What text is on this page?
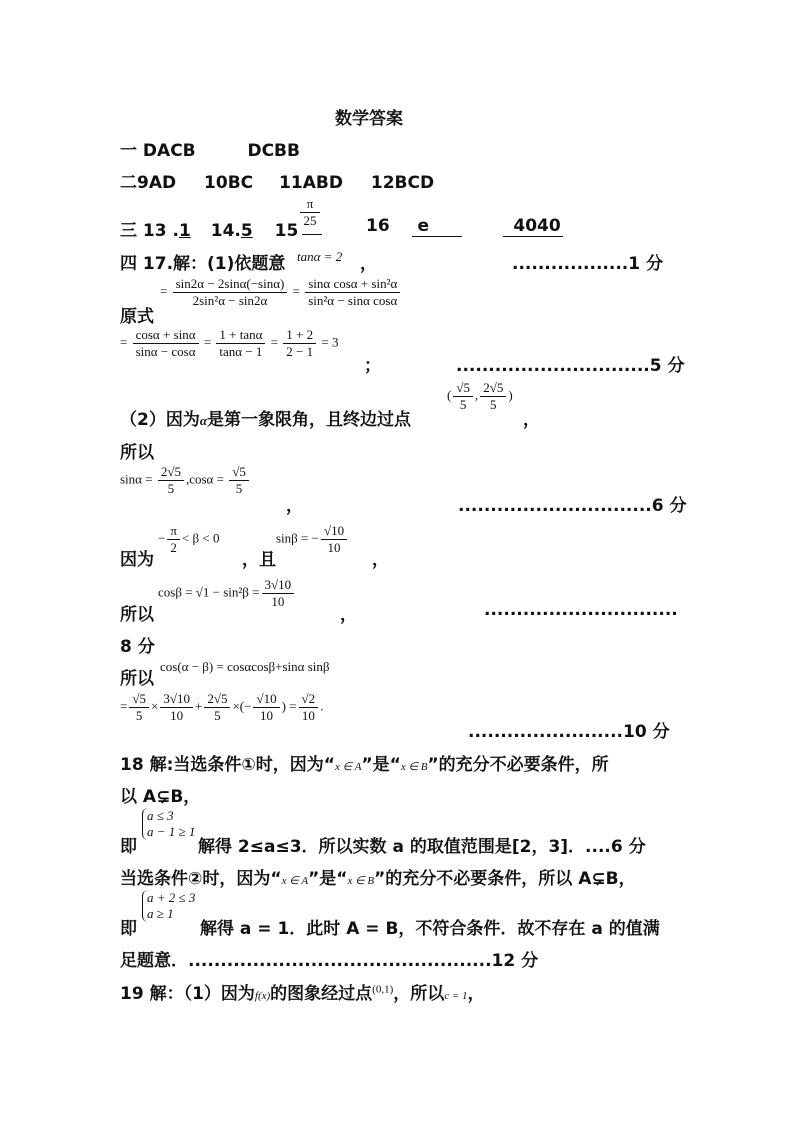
数学答案
一 DACB	DCBB
二9AD 10BC 11ABD 12BCD
三 13 .1 14.5 15
$\frac{\pi}{25}$	16 e	4040
四 17.解：(1)依题意 tanα = 2 ，	..................1 分
原式
= $\frac{\sin 2\alpha - 2\sin\alpha(-\sin\alpha)}{\text{2sin²α − sin2α}} = \frac{\text{sinα cosα + sin²α}}{\text{sin²α − sinα cosα}}$
= $\frac{\cos\alpha + \sin\alpha}{\sin\alpha - \cos\alpha} = \frac{1 + \tan\alpha}{\tan\alpha - 1} = \frac{1 + 2}{2 - 1} = 3$
；	..............................5 分
（2）因为α是第一象限角，且终边过点
( $\frac{√5}{5}$ , $\frac{2√5}{5}$ )
，
所以
$\sin\alpha = \frac{2√5}{5} ,\cos\alpha = \frac{√5}{5}$
，	..............................6 分
因为
− $\frac{\pi}{2} < \beta < 0$
，且
sinβ = − $\frac{√10}{10}$
，
所以
$\cos\beta = √1 - \sin^2\beta = \frac{3√10}{10}$
，	..............................
8 分
所以
cos(α − β) = cosαcosβ+sinα sinβ
= $\frac{√5}{5} \times \frac{3√10}{10} + \frac{2√5}{5}$ ×(− $\frac{√10}{10}$ ) = $\frac{√2}{10}$ .
........................10 分
18 解:当选条件①时，因为“x ∈ A”是“x ∈ B”的充分不必要条件，所
以 A⊊B，
即
a ≤ 3
a − 1 ≥ 1
解得 2≤a≤3．所以实数 a 的取值范围是[2，3]．....6 分
当选条件②时，因为“x ∈ A”是“x ∈ B”的充分不必要条件，所以 A⊊B，
即
a + 2 ≤ 3
a ≥ 1
解得 a = 1．此时 A = B，不符合条件．故不存在 a 的值满
足题意．...............................................12 分
19 解：（1）因为f(x)的图象经过点$^{(0,1)}$，所以c = 1，
